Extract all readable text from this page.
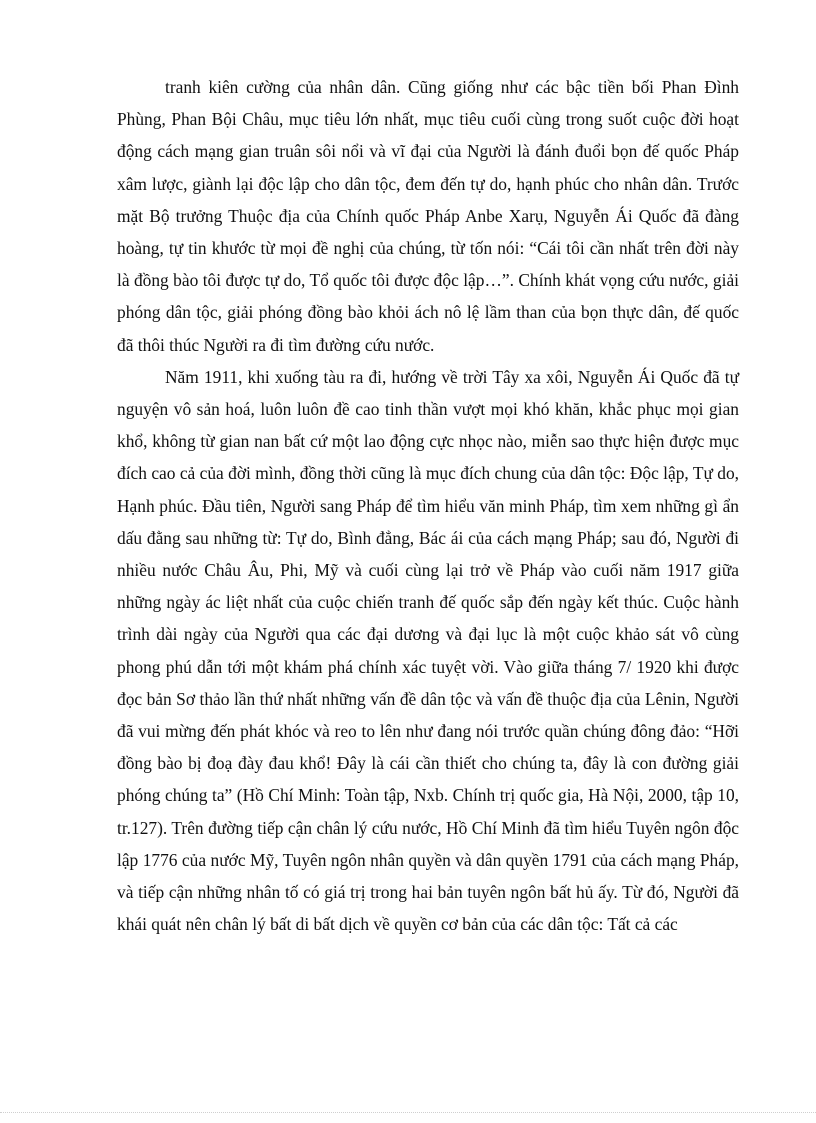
tranh kiên cường của nhân dân. Cũng giống như các bậc tiền bối Phan Đình Phùng, Phan Bội Châu, mục tiêu lớn nhất, mục tiêu cuối cùng trong suốt cuộc đời hoạt động cách mạng gian truân sôi nổi và vĩ đại của Người là đánh đuổi bọn đế quốc Pháp xâm lược, giành lại độc lập cho dân tộc, đem đến tự do, hạnh phúc cho nhân dân. Trước mặt Bộ trưởng Thuộc địa của Chính quốc Pháp Anbe Xarụ, Nguyễn Ái Quốc đã đàng hoàng, tự tin khước từ mọi đề nghị của chúng, từ tốn nói: “Cái tôi cần nhất trên đời này là đồng bào tôi được tự do, Tổ quốc tôi được độc lập…”. Chính khát vọng cứu nước, giải phóng dân tộc, giải phóng đồng bào khỏi ách nô lệ lầm than của bọn thực dân, đế quốc đã thôi thúc Người ra đi tìm đường cứu nước.

Năm 1911, khi xuống tàu ra đi, hướng về trời Tây xa xôi, Nguyễn Ái Quốc đã tự nguyện vô sản hoá, luôn luôn đề cao tinh thần vượt mọi khó khăn, khắc phục mọi gian khổ, không từ gian nan bất cứ một lao động cực nhọc nào, miễn sao thực hiện được mục đích cao cả của đời mình, đồng thời cũng là mục đích chung của dân tộc: Độc lập, Tự do, Hạnh phúc. Đầu tiên, Người sang Pháp để tìm hiểu văn minh Pháp, tìm xem những gì ẩn dấu đằng sau những từ: Tự do, Bình đẳng, Bác ái của cách mạng Pháp; sau đó, Người đi nhiều nước Châu Âu, Phi, Mỹ và cuối cùng lại trở về Pháp vào cuối năm 1917 giữa những ngày ác liệt nhất của cuộc chiến tranh đế quốc sắp đến ngày kết thúc. Cuộc hành trình dài ngày của Người qua các đại dương và đại lục là một cuộc khảo sát vô cùng phong phú dẫn tới một khám phá chính xác tuyệt vời. Vào giữa tháng 7/ 1920 khi được đọc bản Sơ thảo lần thứ nhất những vấn đề dân tộc và vấn đề thuộc địa của Lênin, Người đã vui mừng đến phát khóc và reo to lên như đang nói trước quần chúng đông đảo: “Hỡi đồng bào bị đoạ đày đau khổ! Đây là cái cần thiết cho chúng ta, đây là con đường giải phóng chúng ta” (Hồ Chí Minh: Toàn tập, Nxb. Chính trị quốc gia, Hà Nội, 2000, tập 10, tr.127). Trên đường tiếp cận chân lý cứu nước, Hồ Chí Minh đã tìm hiểu Tuyên ngôn độc lập 1776 của nước Mỹ, Tuyên ngôn nhân quyền và dân quyền 1791 của cách mạng Pháp, và tiếp cận những nhân tố có giá trị trong hai bản tuyên ngôn bất hủ ấy. Từ đó, Người đã khái quát nên chân lý bất di bất dịch về quyền cơ bản của các dân tộc: Tất cả các
